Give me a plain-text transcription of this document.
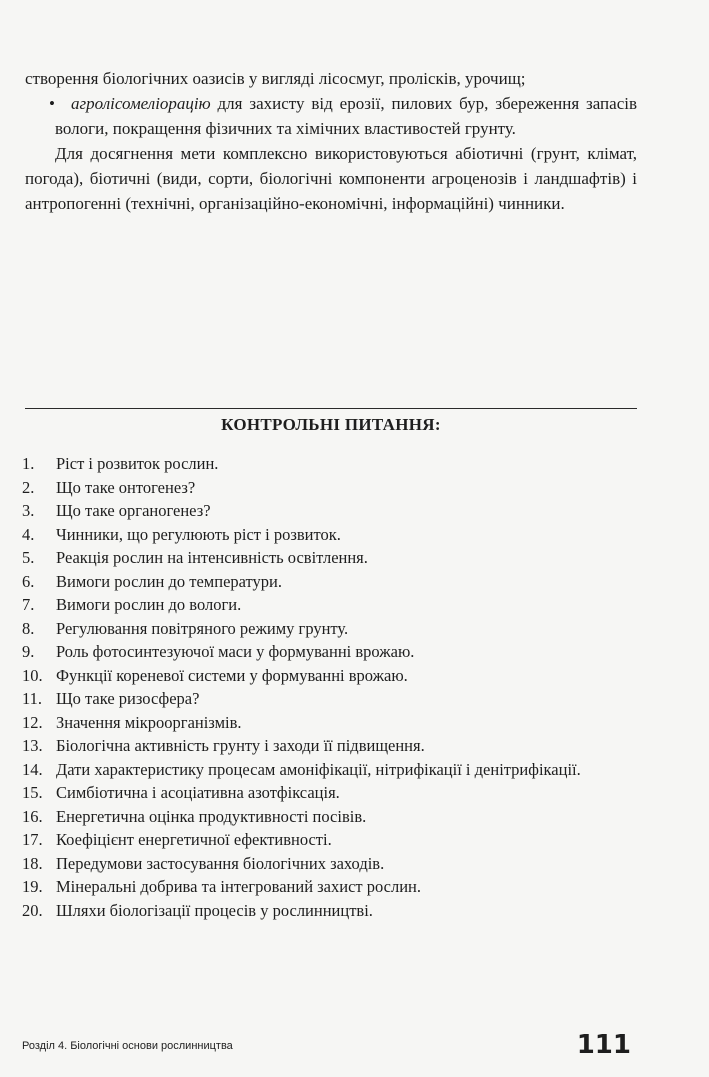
створення біологічних оазисів у вигляді лісосмуг, пролісків, урочищ;

• агролісомеліорацію для захисту від ерозії, пилових бур, збереження запасів вологи, покращення фізичних та хімічних властивостей грунту.

Для досягнення мети комплексно використовуються абіотичні (грунт, клімат, погода), біотичні (види, сорти, біологічні компоненти агроценозів і ландшафтів) і антропогенні (технічні, організаційно-економічні, інформаційні) чинники.

КОНТРОЛЬНІ ПИТАННЯ:
1.	Ріст і розвиток рослин.
2.	Що таке онтогенез?
3.	Що таке органогенез?
4.	Чинники, що регулюють ріст і розвиток.
5.	Реакція рослин на інтенсивність освітлення.
6.	Вимоги рослин до температури.
7.	Вимоги рослин до вологи.
8.	Регулювання повітряного режиму грунту.
9.	Роль фотосинтезуючої маси у формуванні врожаю.
10. Функції кореневої системи у формуванні врожаю.
11. Що таке ризосфера?
12. Значення мікроорганізмів.
13. Біологічна активність грунту і заходи її підвищення.
14. Дати характеристику процесам амоніфікації, нітрифікації і денітрифікації.
15. Симбіотична і асоціативна азотфіксація.
16. Енергетична оцінка продуктивності посівів.
17. Коефіцієнт енергетичної ефективності.
18. Передумови застосування біологічних заходів.
19. Мінеральні добрива та інтегрований захист рослин.
20. Шляхи біологізації процесів у рослинництві.
Розділ 4. Біологічні основи рослинництва	111
